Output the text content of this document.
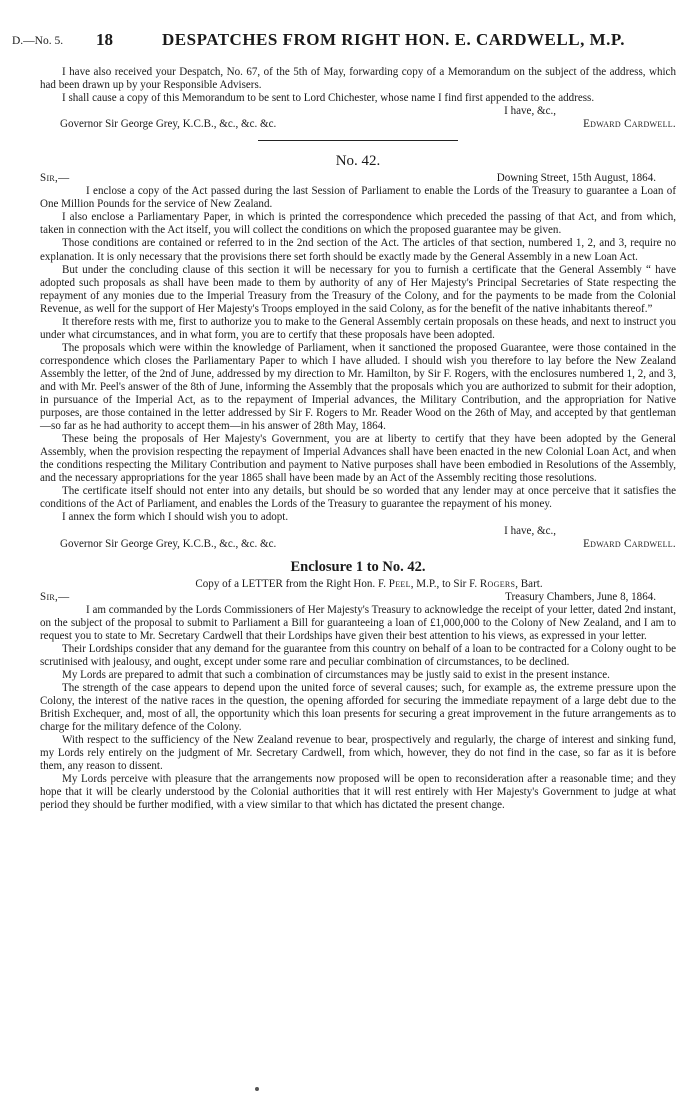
D.—No. 5. 18	DESPATCHES FROM RIGHT HON. E. CARDWELL, M.P.

I have also received your Despatch, No. 67, of the 5th of May, forwarding copy of a Memorandum on the subject of the address, which had been drawn up by your Responsible Advisers.

I shall cause a copy of this Memorandum to be sent to Lord Chichester, whose name I find first appended to the address.

I have, &c.,

Governor Sir George Grey, K.C.B., &c., &c. &c.	Edward Cardwell.
No. 42.
Sir,—	Downing Street, 15th August, 1864.

I enclose a copy of the Act passed during the last Session of Parliament to enable the Lords of the Treasury to guarantee a Loan of One Million Pounds for the service of New Zealand.

I also enclose a Parliamentary Paper, in which is printed the correspondence which preceded the passing of that Act, and from which, taken in connection with the Act itself, you will collect the conditions on which the proposed guarantee may be given.

Those conditions are contained or referred to in the 2nd section of the Act. The articles of that section, numbered 1, 2, and 3, require no explanation. It is only necessary that the provisions there set forth should be exactly made by the General Assembly in a new Loan Act.

But under the concluding clause of this section it will be necessary for you to furnish a certificate that the General Assembly “ have adopted such proposals as shall have been made to them by authority of any of Her Majesty's Principal Secretaries of State respecting the repayment of any monies due to the Imperial Treasury from the Treasury of the Colony, and for the payments to be made from the Colonial Revenue, as well for the support of Her Majesty's Troops employed in the said Colony, as for the benefit of the native inhabitants thereof.”

It therefore rests with me, first to authorize you to make to the General Assembly certain proposals on these heads, and next to instruct you under what circumstances, and in what form, you are to certify that these proposals have been adopted.

The proposals which were within the knowledge of Parliament, when it sanctioned the proposed Guarantee, were those contained in the correspondence which closes the Parliamentary Paper to which I have alluded. I should wish you therefore to lay before the New Zealand Assembly the letter, of the 2nd of June, addressed by my direction to Mr. Hamilton, by Sir F. Rogers, with the enclosures numbered 1, 2, and 3, and with Mr. Peel's answer of the 8th of June, informing the Assembly that the proposals which you are authorized to submit for their adoption, in pursuance of the Imperial Act, as to the repayment of Imperial advances, the Military Contribution, and the appropriation for Native purposes, are those contained in the letter addressed by Sir F. Rogers to Mr. Reader Wood on the 26th of May, and accepted by that gentleman—so far as he had authority to accept them—in his answer of 28th May, 1864.

These being the proposals of Her Majesty's Government, you are at liberty to certify that they have been adopted by the General Assembly, when the provision respecting the repayment of Imperial Advances shall have been enacted in the new Colonial Loan Act, and when the conditions respecting the Military Contribution and payment to Native purposes shall have been embodied in Resolutions of the Assembly, and the necessary appropriations for the year 1865 shall have been made by an Act of the Assembly reciting those resolutions.

The certificate itself should not enter into any details, but should be so worded that any lender may at once perceive that it satisfies the conditions of the Act of Parliament, and enables the Lords of the Treasury to guarantee the repayment of his money.

I annex the form which I should wish you to adopt.

I have, &c.,

Governor Sir George Grey, K.C.B., &c., &c. &c.	Edward Cardwell.
Enclosure 1 to No. 42.

Copy of a LETTER from the Right Hon. F. Peel, M.P., to Sir F. Rogers, Bart.

Sir,—	Treasury Chambers, June 8, 1864.

I am commanded by the Lords Commissioners of Her Majesty's Treasury to acknowledge the receipt of your letter, dated 2nd instant, on the subject of the proposal to submit to Parliament a Bill for guaranteeing a loan of £1,000,000 to the Colony of New Zealand, and I am to request you to state to Mr. Secretary Cardwell that their Lordships have given their best attention to his views, as expressed in your letter.

Their Lordships consider that any demand for the guarantee from this country on behalf of a loan to be contracted for a Colony ought to be scrutinised with jealousy, and ought, except under some rare and peculiar combination of circumstances, to be declined.

My Lords are prepared to admit that such a combination of circumstances may be justly said to exist in the present instance.

The strength of the case appears to depend upon the united force of several causes; such, for example as, the extreme pressure upon the Colony, the interest of the native races in the question, the opening afforded for securing the immediate repayment of a large debt due to the British Exchequer, and, most of all, the opportunity which this loan presents for securing a great improvement in the future arrangements as to charge for the military defence of the Colony.

With respect to the sufficiency of the New Zealand revenue to bear, prospectively and regularly, the charge of interest and sinking fund, my Lords rely entirely on the judgment of Mr. Secretary Cardwell, from which, however, they do not find in the case, so far as it is before them, any reason to dissent.

My Lords perceive with pleasure that the arrangements now proposed will be open to reconsideration after a reasonable time; and they hope that it will be clearly understood by the Colonial authorities that it will rest entirely with Her Majesty's Government to judge at what period they should be further modified, with a view similar to that which has dictated the present change.
